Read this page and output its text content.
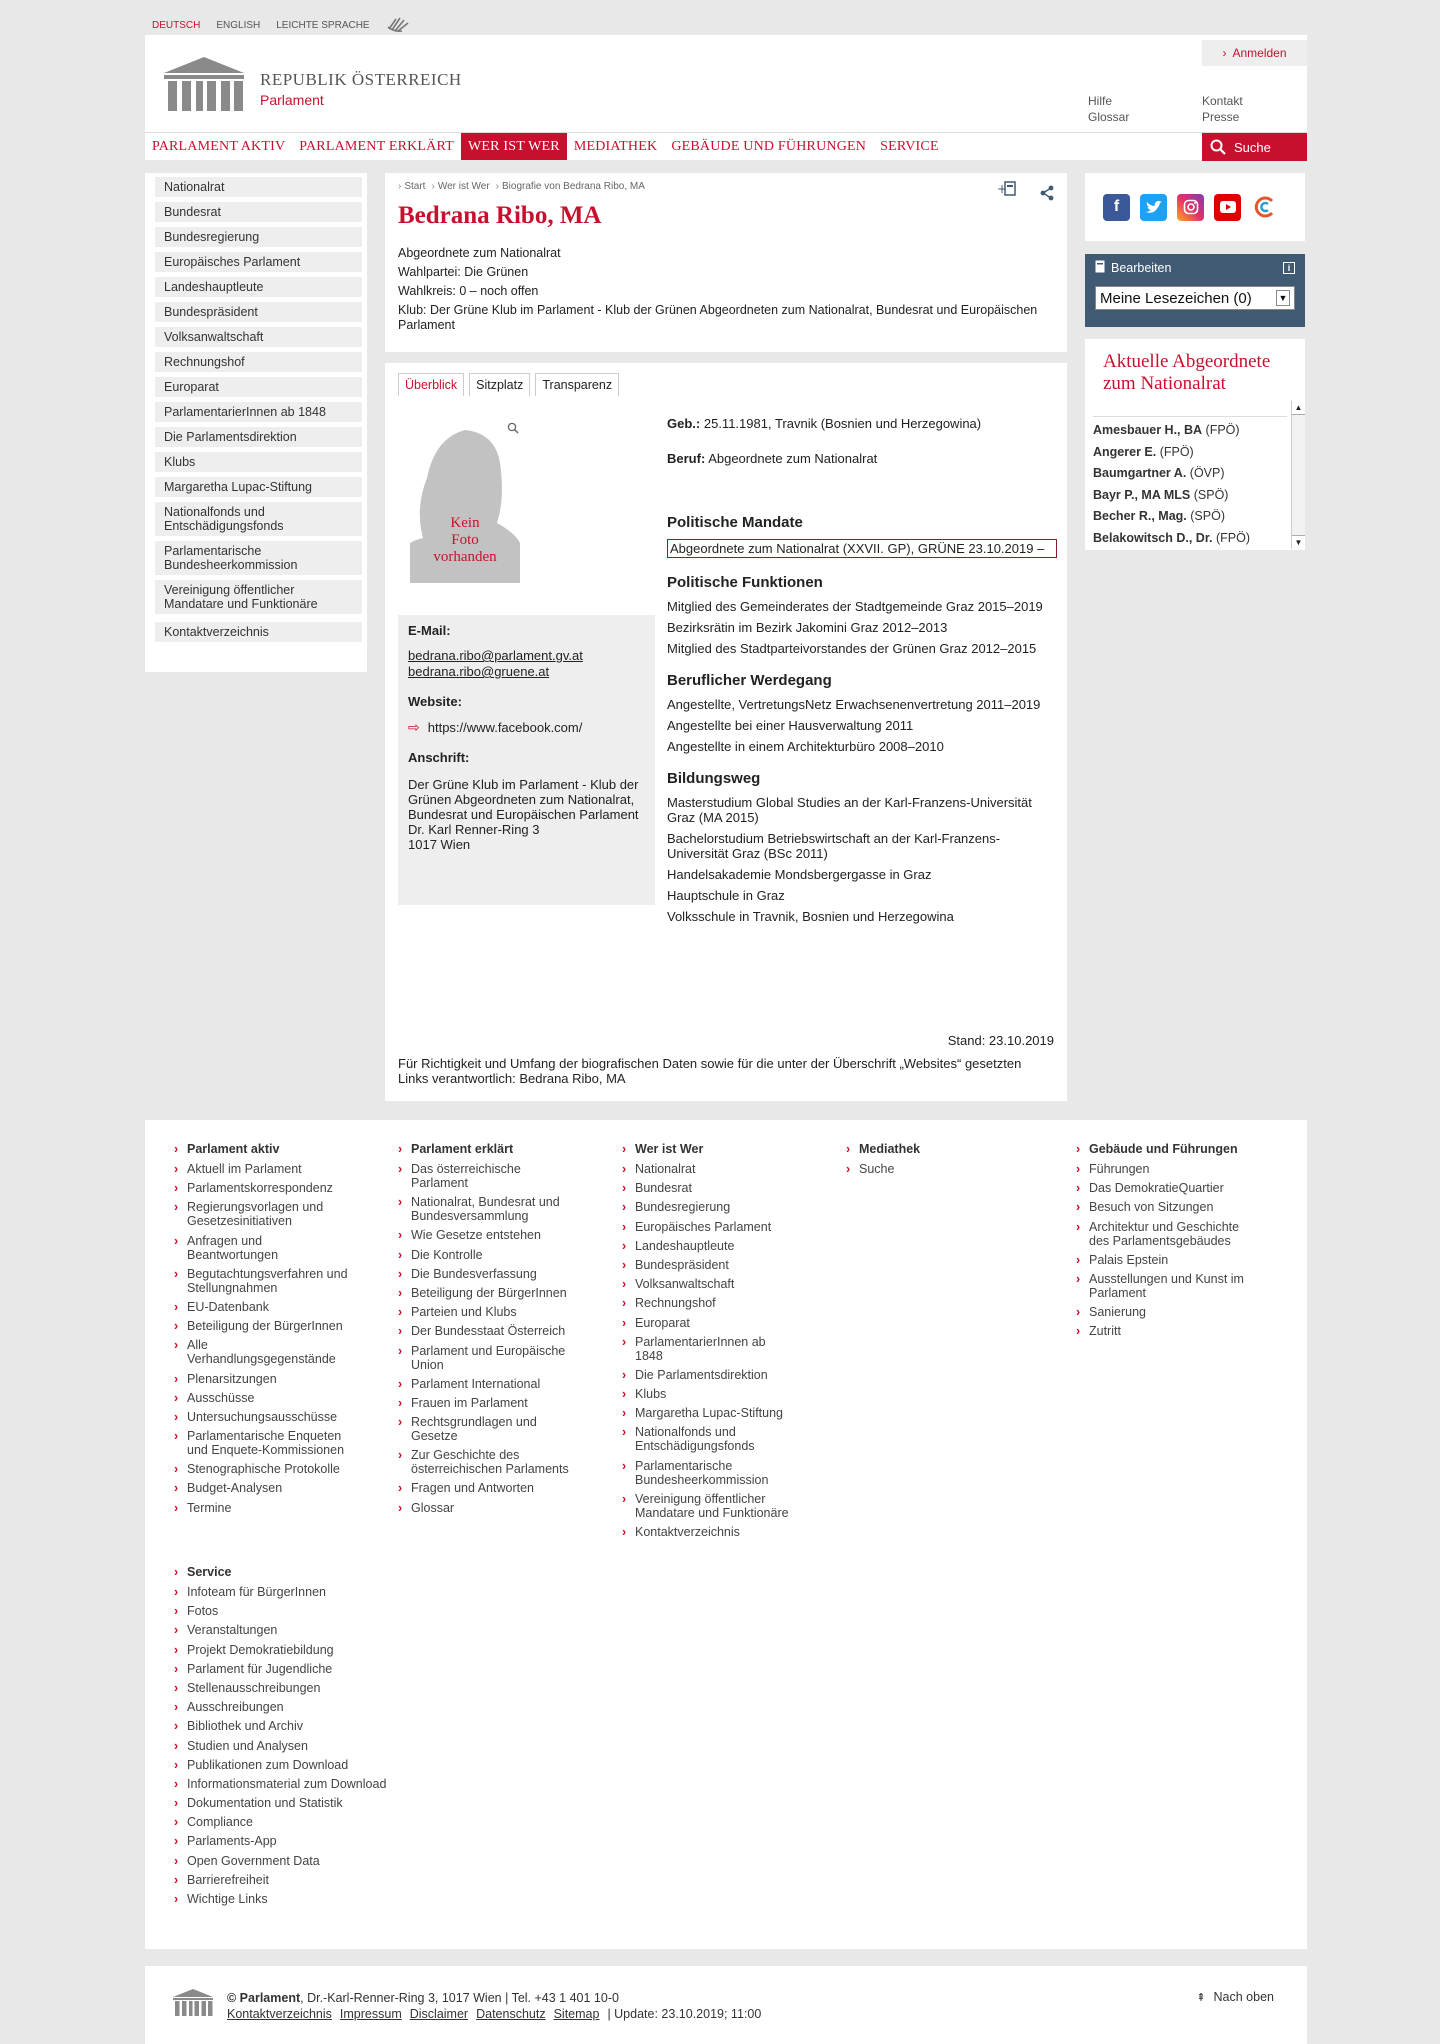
DEUTSCH ENGLISH LEICHTE SPRACHE
REPUBLIK ÖSTERREICH
Parlament
› Anmelden
Hilfe
Glossar
Kontakt
Presse
PARLAMENT AKTIV	PARLAMENT ERKLÄRT	WER IST WER	MEDIATHEK	GEBÄUDE UND FÜHRUNGEN	SERVICE	Suche
Nationalrat
Bundesrat
Bundesregierung
Europäisches Parlament
Landeshauptleute
Bundespräsident
Volksanwaltschaft
Rechnungshof
Europarat
ParlamentarierInnen ab 1848
Die Parlamentsdirektion
Klubs
Margaretha Lupac-Stiftung
Nationalfonds und Entschädigungsfonds
Parlamentarische Bundesheerkommission
Vereinigung öffentlicher Mandatare und Funktionäre
Kontaktverzeichnis
› Start	› Wer ist Wer	› Biografie von Bedrana Ribo, MA	+
Bedrana Ribo, MA
Abgeordnete zum Nationalrat
Wahlpartei: Die Grünen
Wahlkreis: 0 – noch offen
Klub: Der Grüne Klub im Parlament - Klub der Grünen Abgeordneten zum Nationalrat, Bundesrat und Europäischen Parlament
Überblick	Sitzplatz	Transparenz
Kein
Foto
vorhanden
E-Mail:
bedrana.ribo@parlament.gv.at
bedrana.ribo@gruene.at
Website:
⇨ https://www.facebook.com/
Anschrift:
Der Grüne Klub im Parlament - Klub der Grünen Abgeordneten zum Nationalrat, Bundesrat und Europäischen Parlament
Dr. Karl Renner-Ring 3
1017 Wien
Geb.: 25.11.1981, Travnik (Bosnien und Herzegowina)
Beruf: Abgeordnete zum Nationalrat
Politische Mandate
Abgeordnete zum Nationalrat (XXVII. GP), GRÜNE 23.10.2019 –
Politische Funktionen
Mitglied des Gemeinderates der Stadtgemeinde Graz 2015–2019
Bezirksrätin im Bezirk Jakomini Graz 2012–2013
Mitglied des Stadtparteivorstandes der Grünen Graz 2012–2015
Beruflicher Werdegang
Angestellte, VertretungsNetz Erwachsenenvertretung 2011–2019
Angestellte bei einer Hausverwaltung 2011
Angestellte in einem Architekturbüro 2008–2010
Bildungsweg
Masterstudium Global Studies an der Karl-Franzens-Universität Graz (MA 2015)
Bachelorstudium Betriebswirtschaft an der Karl-Franzens-Universität Graz (BSc 2011)
Handelsakademie Mondsbergergasse in Graz
Hauptschule in Graz
Volksschule in Travnik, Bosnien und Herzegowina
Stand: 23.10.2019
Für Richtigkeit und Umfang der biografischen Daten sowie für die unter der Überschrift „Websites“ gesetzten Links verantwortlich: Bedrana Ribo, MA
f
Bearbeiten	i
Meine Lesezeichen (0)	▼
Aktuelle Abgeordnete zum Nationalrat
Amesbauer H., BA (FPÖ)
Angerer E. (FPÖ)
Baumgartner A. (ÖVP)
Bayr P., MA MLS (SPÖ)
Becher R., Mag. (SPÖ)
Belakowitsch D., Dr. (FPÖ)
▲
▼
› Parlament aktiv
› Aktuell im Parlament
› Parlamentskorrespondenz
› Regierungsvorlagen und Gesetzesinitiativen
› Anfragen und Beantwortungen
› Begutachtungsverfahren und Stellungnahmen
› EU-Datenbank
› Beteiligung der BürgerInnen
› Alle Verhandlungsgegenstände
› Plenarsitzungen
› Ausschüsse
› Untersuchungsausschüsse
› Parlamentarische Enqueten und Enquete-Kommissionen
› Stenographische Protokolle
› Budget-Analysen
› Termine
› Parlament erklärt
› Das österreichische Parlament
› Nationalrat, Bundesrat und Bundesversammlung
› Wie Gesetze entstehen
› Die Kontrolle
› Die Bundesverfassung
› Beteiligung der BürgerInnen
› Parteien und Klubs
› Der Bundesstaat Österreich
› Parlament und Europäische Union
› Parlament International
› Frauen im Parlament
› Rechtsgrundlagen und Gesetze
› Zur Geschichte des österreichischen Parlaments
› Fragen und Antworten
› Glossar
› Wer ist Wer
› Nationalrat
› Bundesrat
› Bundesregierung
› Europäisches Parlament
› Landeshauptleute
› Bundespräsident
› Volksanwaltschaft
› Rechnungshof
› Europarat
› ParlamentarierInnen ab 1848
› Die Parlamentsdirektion
› Klubs
› Margaretha Lupac-Stiftung
› Nationalfonds und Entschädigungsfonds
› Parlamentarische Bundesheerkommission
› Vereinigung öffentlicher Mandatare und Funktionäre
› Kontaktverzeichnis
› Mediathek
› Suche
› Gebäude und Führungen
› Führungen
› Das DemokratieQuartier
› Besuch von Sitzungen
› Architektur und Geschichte des Parlamentsgebäudes
› Palais Epstein
› Ausstellungen und Kunst im Parlament
› Sanierung
› Zutritt
› Service
› Infoteam für BürgerInnen
› Fotos
› Veranstaltungen
› Projekt Demokratiebildung
› Parlament für Jugendliche
› Stellenausschreibungen
› Ausschreibungen
› Bibliothek und Archiv
› Studien und Analysen
› Publikationen zum Download
› Informationsmaterial zum Download
› Dokumentation und Statistik
› Compliance
› Parlaments-App
› Open Government Data
› Barrierefreiheit
› Wichtige Links
© Parlament, Dr.-Karl-Renner-Ring 3, 1017 Wien | Tel. +43 1 401 10-0
Kontaktverzeichnis Impressum Disclaimer Datenschutz Sitemap | Update: 23.10.2019; 11:00
⇞ Nach oben
